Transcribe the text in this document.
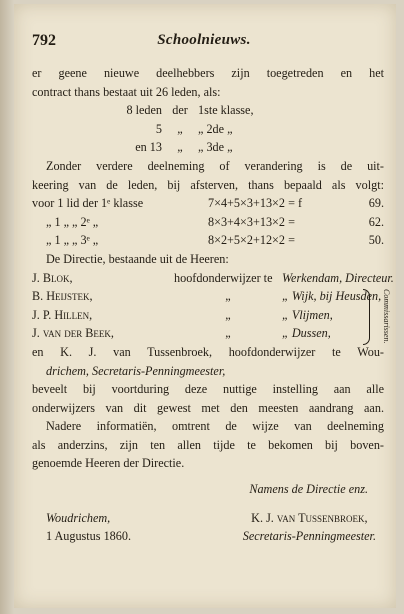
792	Schoolnieuws.
er geene nieuwe deelhebbers zijn toegetreden en het
contract thans bestaat uit 26 leden, als:
8 leden der 1ste klasse,
5	„	„ 2de „
en 13	„	„ 3de „
Zonder verdere deelneming of verandering is de uit-
keering van de leden, bij afsterven, thans bepaald als volgt:
voor 1 lid der 1ᵉ klasse	7×4+5×3+13×2 = f	69.
„ 1 „ „ 2ᵉ „	8×3+4×3+13×2 =	62.
„ 1 „ „ 3ᵉ „	8×2+5×2+12×2 =	50.
De Directie, bestaande uit de Heeren:
J. Blok,	hoofdonderwijzer te Werkendam, Directeur.
B. Heijstek,	„	„ Wijk, bij Heusden,
J. P. Hillen,	„	„ Vlijmen,
J. van der Beek,	„	„ Dussen,	Commissarissen.
en K. J. van Tussenbroek, hoofdonderwijzer te Wou-
drichem, Secretaris-Penningmeester,
beveelt bij voortduring deze nuttige instelling aan alle
onderwijzers van dit gewest met den meesten aandrang aan.
Nadere informatiën, omtrent de wijze van deelneming
als anderzins, zijn ten allen tijde te bekomen bij boven-
genoemde Heeren der Directie.
Namens de Directie enz.
Woudrichem,
1 Augustus 1860.
K. J. van Tussenbroek,
Secretaris-Penningmeester.
